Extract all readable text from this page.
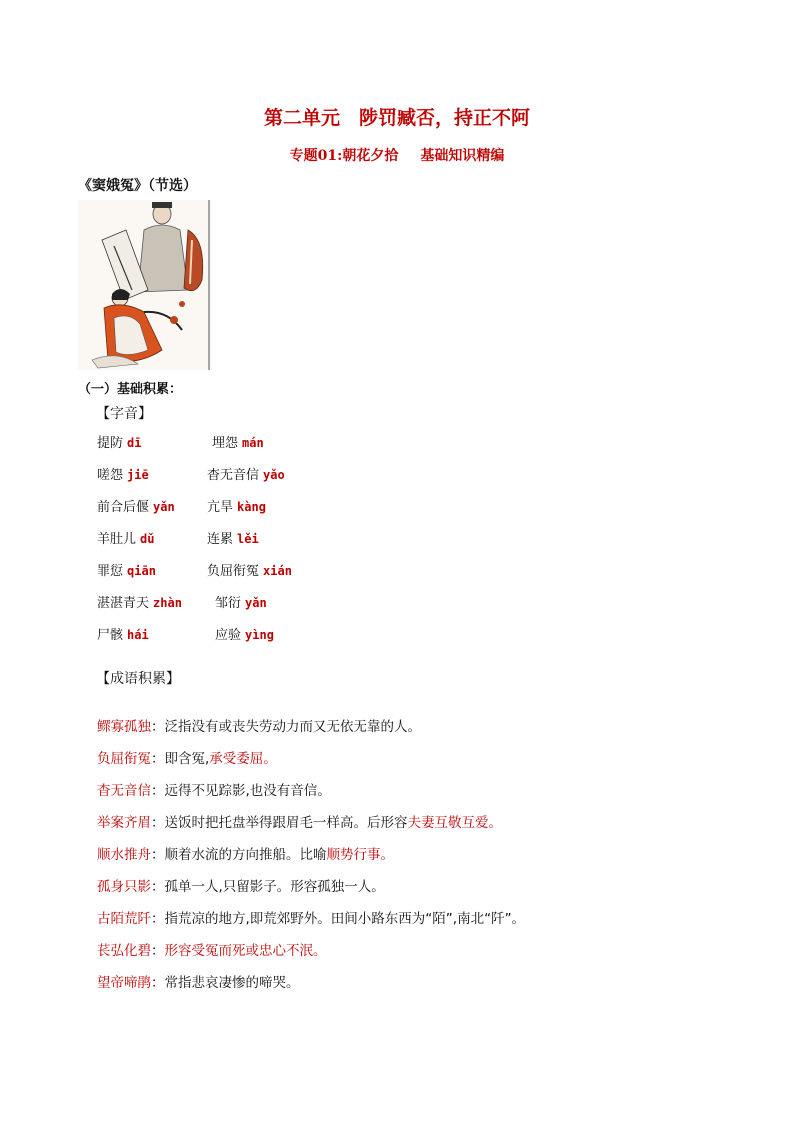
第二单元　陟罚臧否，持正不阿
专题01:朝花夕拾 基础知识精编
《窦娥冤》（节选）
（一）基础积累：
【字音】
提防 dī	埋怨 mán
嗟怨 jiē	杳无音信 yǎo
前合后偃 yǎn 亢旱 kàng
羊肚儿 dǔ	连累 lěi
罪愆 qiān	负屈衔冤 xián
湛湛青天 zhàn	邹衍 yǎn
尸骸 hái	应验 yìng
【成语积累】
鳏寡孤独：泛指没有或丧失劳动力而又无依无靠的人。
负屈衔冤：即含冤,承受委屈。
杳无音信：远得不见踪影,也没有音信。
举案齐眉：送饭时把托盘举得跟眉毛一样高。后形容夫妻互敬互爱。
顺水推舟：顺着水流的方向推船。比喻顺势行事。
孤身只影：孤单一人,只留影子。形容孤独一人。
古陌荒阡：指荒凉的地方,即荒郊野外。田间小路东西为“陌”,南北“阡”。
苌弘化碧：形容受冤而死或忠心不泯。
望帝啼鹃：常指悲哀凄惨的啼哭。
